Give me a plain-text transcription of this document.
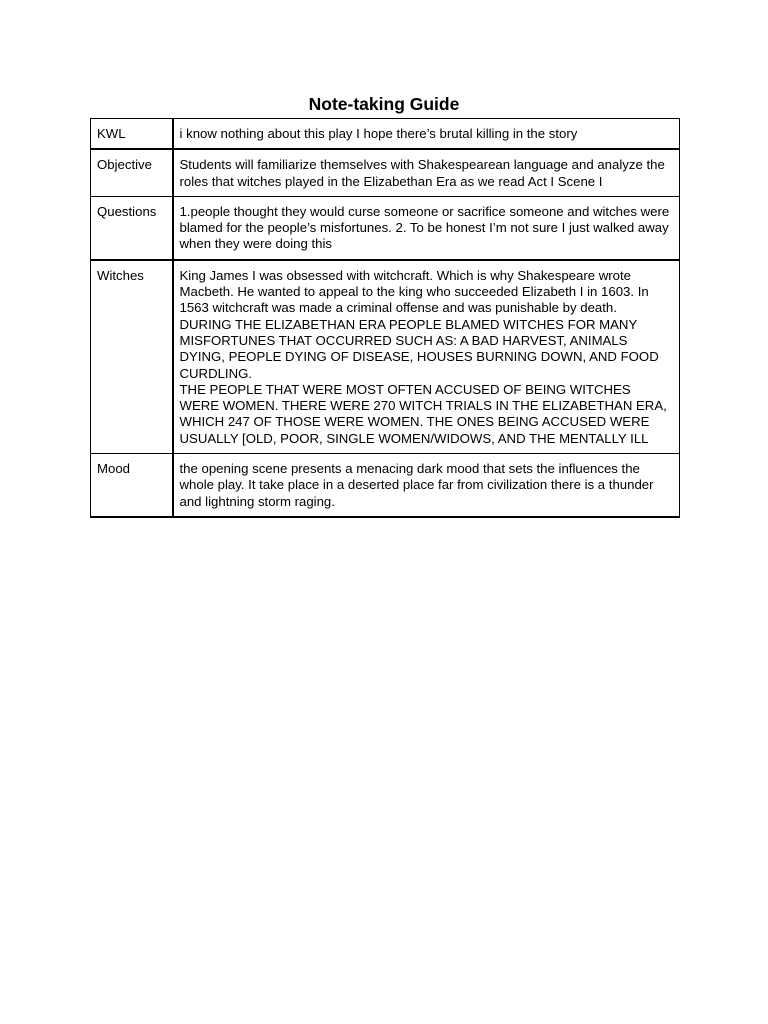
Note-taking Guide
KWL	i know nothing about this play I hope there’s brutal killing in the story

Objective	Students will familiarize themselves with Shakespearean language and analyze the roles that witches played in the Elizabethan Era as we read Act I Scene I

Questions	1.people thought they would curse someone or sacrifice someone and witches were blamed for the people’s misfortunes. 2. To be honest I’m not sure I just walked away when they were doing this

Witches	King James I was obsessed with witchcraft. Which is why Shakespeare wrote Macbeth. He wanted to appeal to the king who succeeded Elizabeth I in 1603. In 1563 witchcraft was made a criminal offense and was punishable by death.
DURING THE ELIZABETHAN ERA PEOPLE BLAMED WITCHES FOR MANY MISFORTUNES THAT OCCURRED SUCH AS: A BAD HARVEST, ANIMALS DYING, PEOPLE DYING OF DISEASE, HOUSES BURNING DOWN, AND FOOD CURDLING.
THE PEOPLE THAT WERE MOST OFTEN ACCUSED OF BEING WITCHES WERE WOMEN. THERE WERE 270 WITCH TRIALS IN THE ELIZABETHAN ERA, WHICH 247 OF THOSE WERE WOMEN. THE ONES BEING ACCUSED WERE USUALLY [OLD, POOR, SINGLE WOMEN/WIDOWS, AND THE MENTALLY ILL

Mood	the opening scene presents a menacing dark mood that sets the influences the whole play. It take place in a deserted place far from civilization there is a thunder and lightning storm raging.
